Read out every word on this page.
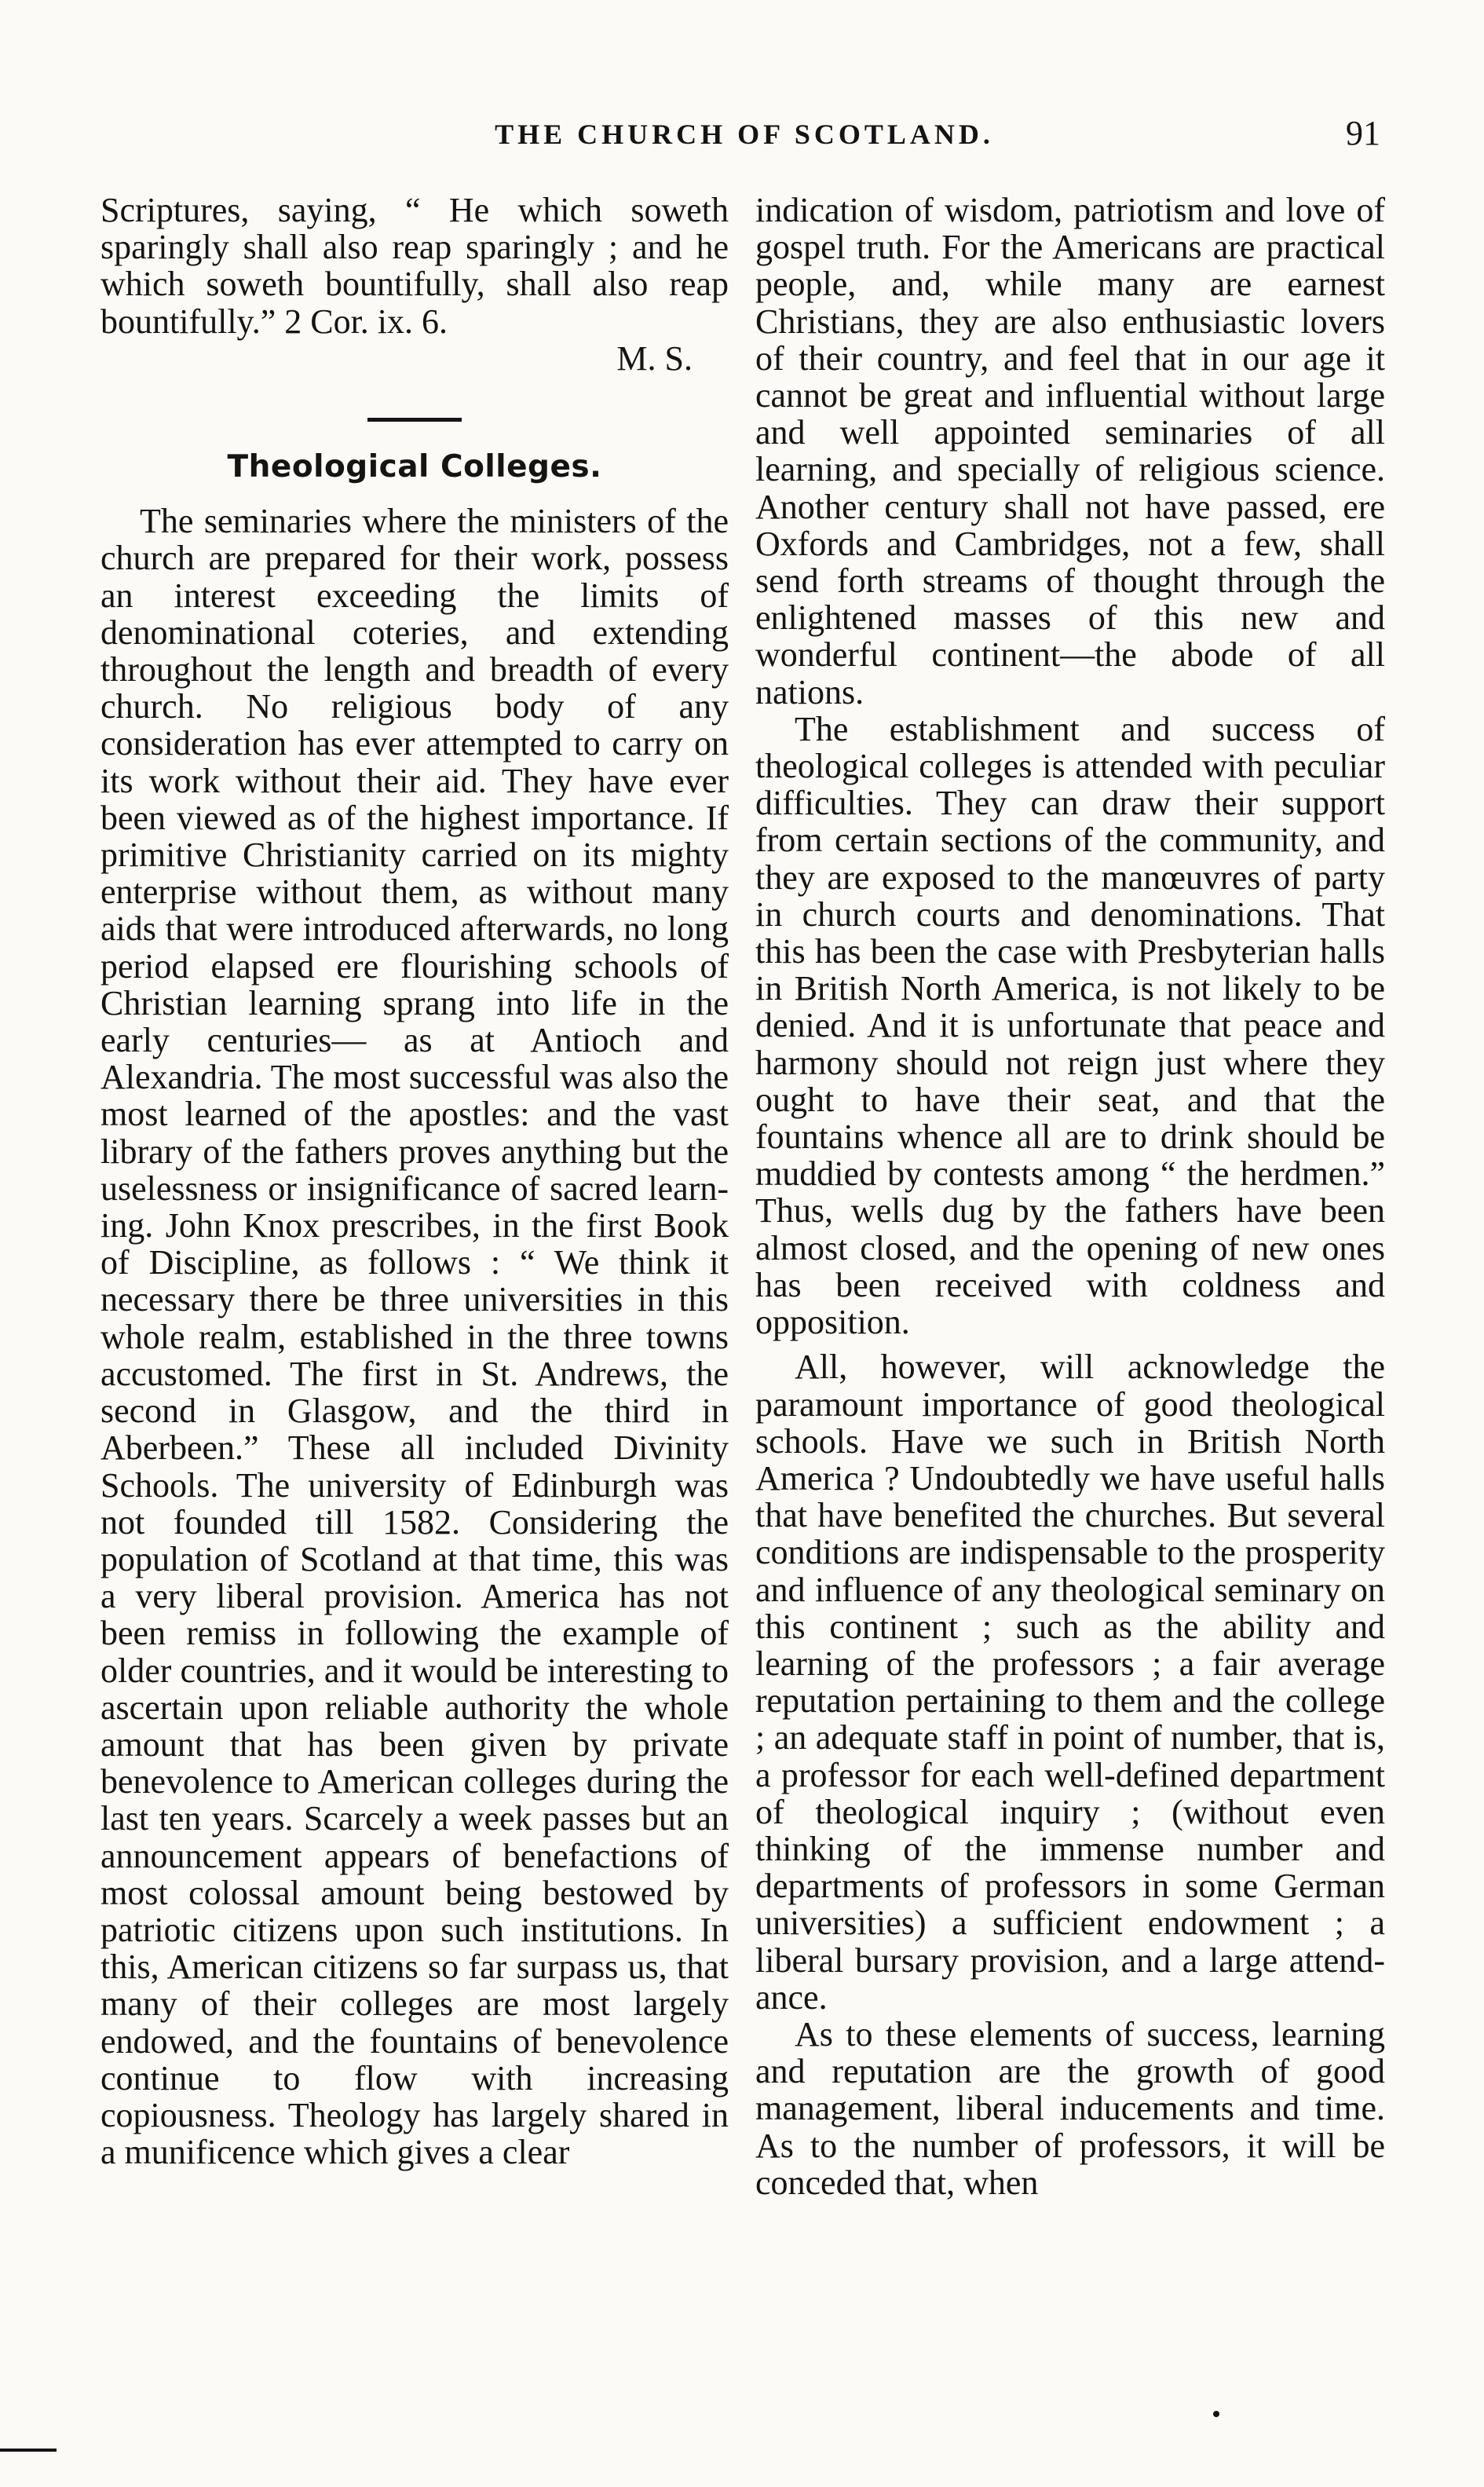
THE CHURCH OF SCOTLAND.	91

Scriptures, saying, “ He which soweth sparingly shall also reap sparingly ; and he which soweth bountifully, shall also reap bountifully.” 2 Cor. ix. 6.

M. S.

Theological Colleges.

The seminaries where the ministers of the church are prepared for their work, possess an interest exceeding the limits of denominational coteries, and extending throughout the length and breadth of every church. No religious body of any consideration has ever attempted to carry on its work without their aid. They have ever been viewed as of the highest importance. If primitive Christianity carried on its mighty enterprise without them, as without many aids that were introduced afterwards, no long period elapsed ere flourishing schools of Christian learning sprang into life in the early centuries— as at Antioch and Alexandria. The most successful was also the most learned of the apostles: and the vast library of the fathers proves anything but the uselessness or insignificance of sacred learning. John Knox prescribes, in the first Book of Discipline, as follows : “ We think it necessary there be three universities in this whole realm, established in the three towns accustomed. The first in St. Andrews, the second in Glasgow, and the third in Aberbeen.” These all included Divinity Schools. The university of Edinburgh was not founded till 1582. Considering the population of Scotland at that time, this was a very liberal provision. America has not been remiss in following the example of older countries, and it would be interesting to ascertain upon reliable authority the whole amount that has been given by private benevolence to American colleges during the last ten years. Scarcely a week passes but an announcement appears of benefactions of most colossal amount being bestowed by patriotic citizens upon such institutions. In this, American citizens so far surpass us, that many of their colleges are most largely endowed, and the fountains of benevolence continue to flow with increasing copiousness. Theology has largely shared in a munificence which gives a clear

indication of wisdom, patriotism and love of gospel truth. For the Americans are practical people, and, while many are earnest Christians, they are also enthusiastic lovers of their country, and feel that in our age it cannot be great and influential without large and well appointed seminaries of all learning, and specially of religious science. Another century shall not have passed, ere Oxfords and Cambridges, not a few, shall send forth streams of thought through the enlightened masses of this new and wonderful continent—the abode of all nations.

The establishment and success of theological colleges is attended with peculiar difficulties. They can draw their support from certain sections of the community, and they are exposed to the manœuvres of party in church courts and denominations. That this has been the case with Presbyterian halls in British North America, is not likely to be denied. And it is unfortunate that peace and harmony should not reign just where they ought to have their seat, and that the fountains whence all are to drink should be muddied by contests among “ the herdmen.” Thus, wells dug by the fathers have been almost closed, and the opening of new ones has been received with coldness and opposition.

All, however, will acknowledge the paramount importance of good theological schools. Have we such in British North America ? Undoubtedly we have useful halls that have benefited the churches. But several conditions are indispensable to the prosperity and influence of any theological seminary on this continent ; such as the ability and learning of the professors ; a fair average reputation pertaining to them and the college ; an adequate staff in point of number, that is, a professor for each well-defined department of theological inquiry ; (without even thinking of the immense number and departments of professors in some German universities) a sufficient endowment ; a liberal bursary provision, and a large attendance.

As to these elements of success, learning and reputation are the growth of good management, liberal inducements and time. As to the number of professors, it will be conceded that, when
